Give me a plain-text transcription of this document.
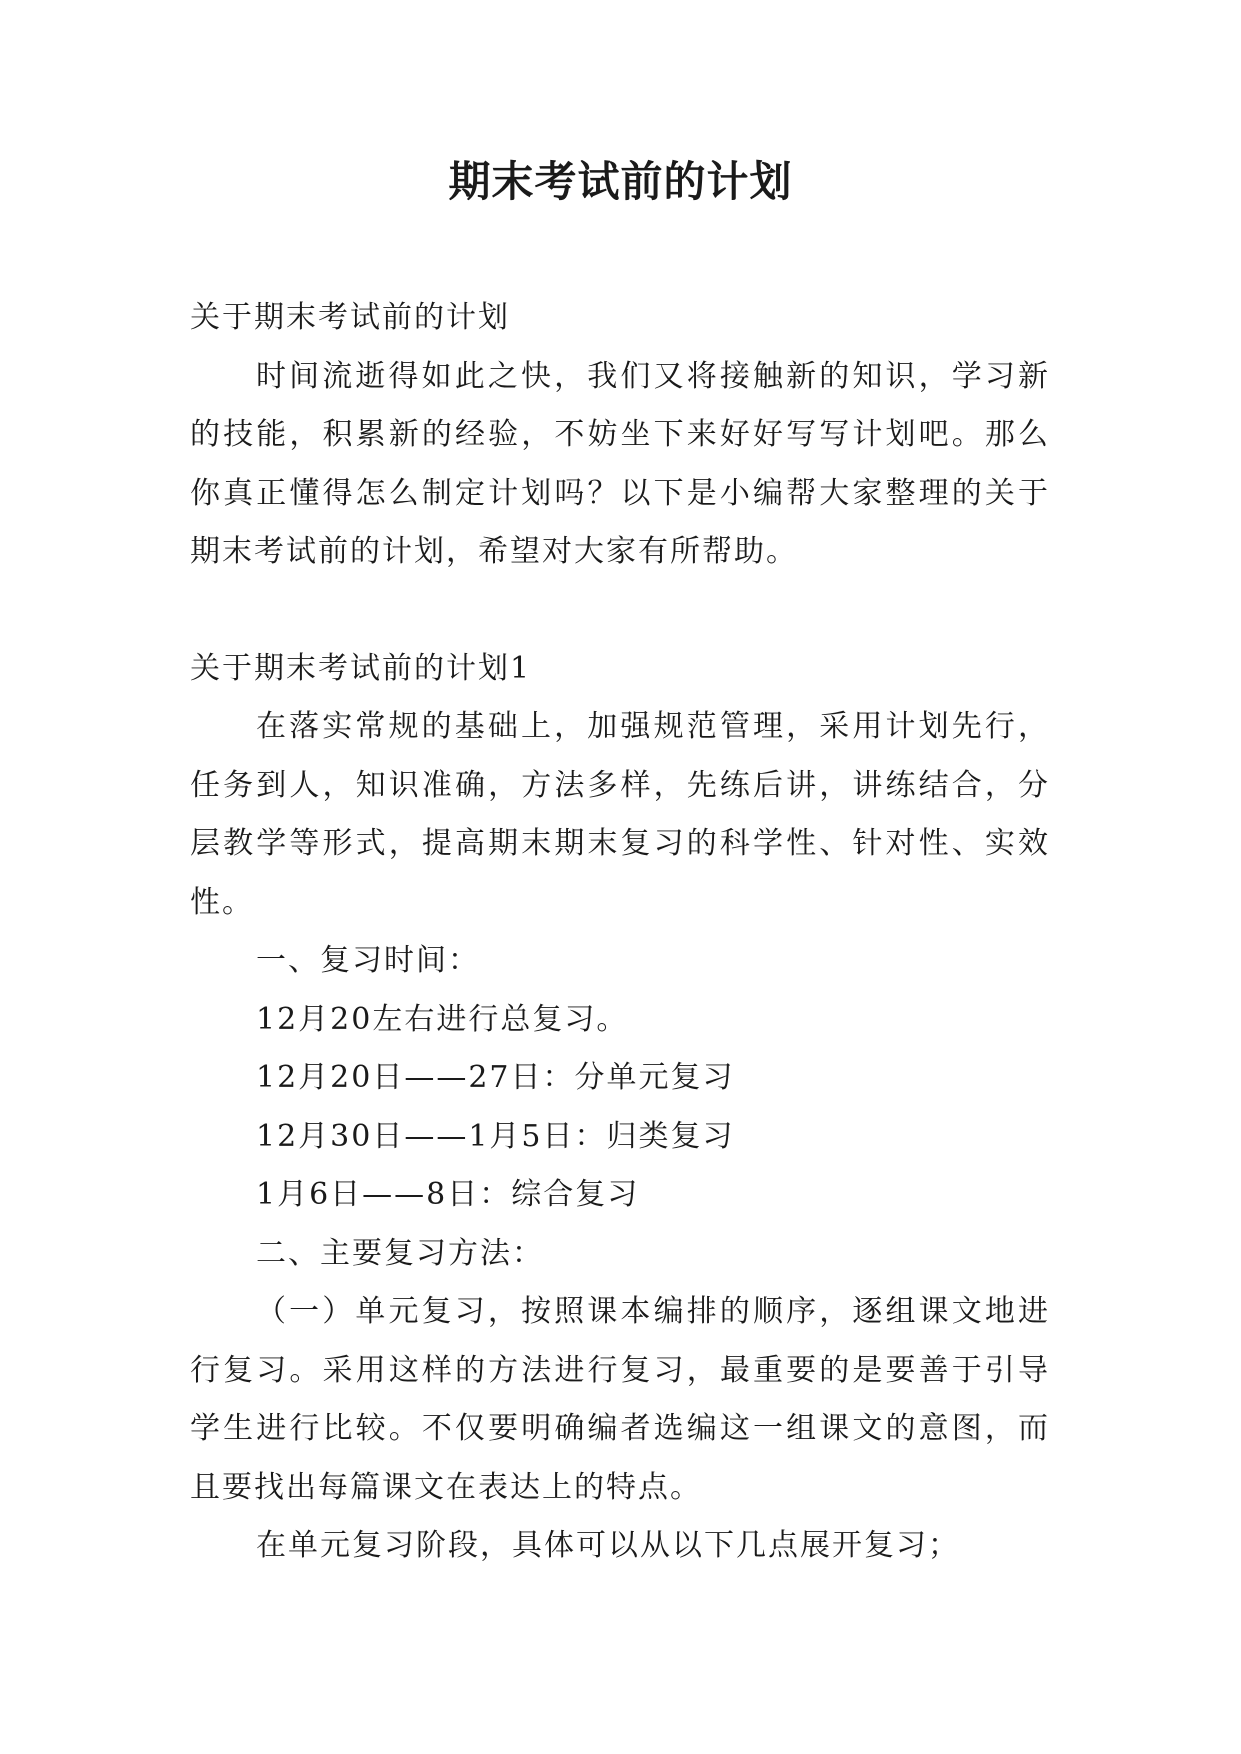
期末考试前的计划

关于期末考试前的计划

时间流逝得如此之快，我们又将接触新的知识，学习新的技能，积累新的经验，不妨坐下来好好写写计划吧。那么你真正懂得怎么制定计划吗？以下是小编帮大家整理的关于期末考试前的计划，希望对大家有所帮助。

关于期末考试前的计划1

在落实常规的基础上，加强规范管理，采用计划先行，任务到人，知识准确，方法多样，先练后讲，讲练结合，分层教学等形式，提高期末期末复习的科学性、针对性、实效性。

一、复习时间：

12月20左右进行总复习。

12月20日——27日：分单元复习

12月30日——1月5日：归类复习

1月6日——8日：综合复习

二、主要复习方法：

（一）单元复习，按照课本编排的顺序，逐组课文地进行复习。采用这样的方法进行复习，最重要的是要善于引导学生进行比较。不仅要明确编者选编这一组课文的意图，而且要找出每篇课文在表达上的特点。

在单元复习阶段，具体可以从以下几点展开复习；
